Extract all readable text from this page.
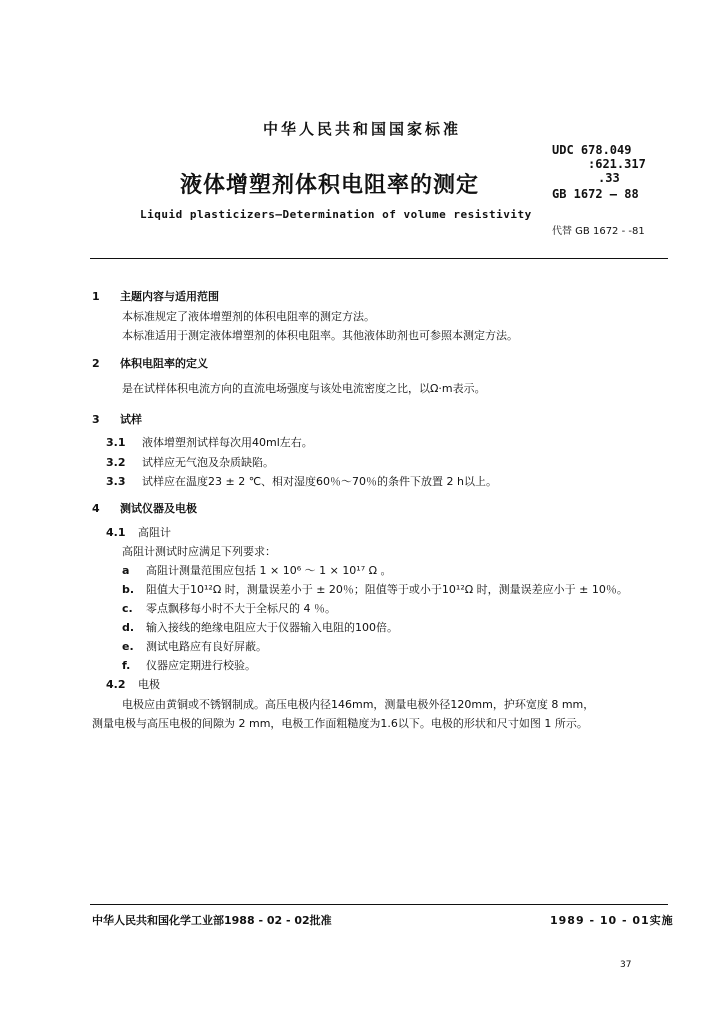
中华人民共和国国家标准
UDC 678.049
:621.317
.33
GB 1672 — 88
液体增塑剂体积电阻率的测定
Liquid plasticizers—Determination of volume resistivity
代替 GB 1672 - -81
1 主题内容与适用范围
本标准规定了液体增塑剂的体积电阻率的测定方法。
本标准适用于测定液体增塑剂的体积电阻率。其他液体助剂也可参照本测定方法。
2 体积电阻率的定义
是在试样体积电流方向的直流电场强度与该处电流密度之比，以Ω·m表示。
3 试样
3.1 液体增塑剂试样每次用40ml左右。
3.2 试样应无气泡及杂质缺陷。
3.3 试样应在温度23 ± 2 ℃、相对湿度60％～70％的条件下放置 2 h以上。
4 测试仪器及电极
4.1 高阻计
高阻计测试时应满足下列要求：
a 高阻计测量范围应包括 1 × 10⁶ ～ 1 × 10¹⁷ Ω 。
b. 阻值大于10¹²Ω 时，测量误差小于 ± 20％；阻值等于或小于10¹²Ω 时，测量误差应小于 ± 10％。
c. 零点飘移每小时不大于全标尺的 4 ％。
d. 输入接线的绝缘电阻应大于仪器输入电阻的100倍。
e. 测试电路应有良好屏蔽。
f. 仪器应定期进行校验。
4.2 电极
电极应由黄铜或不锈钢制成。高压电极内径146mm，测量电极外径120mm，护环宽度 8 mm，
测量电极与高压电极的间隙为 2 mm，电极工作面粗糙度为1.6以下。电极的形状和尺寸如图 1 所示。
中华人民共和国化学工业部1988 - 02 - 02批准	1989 - 10 - 01实施
37
